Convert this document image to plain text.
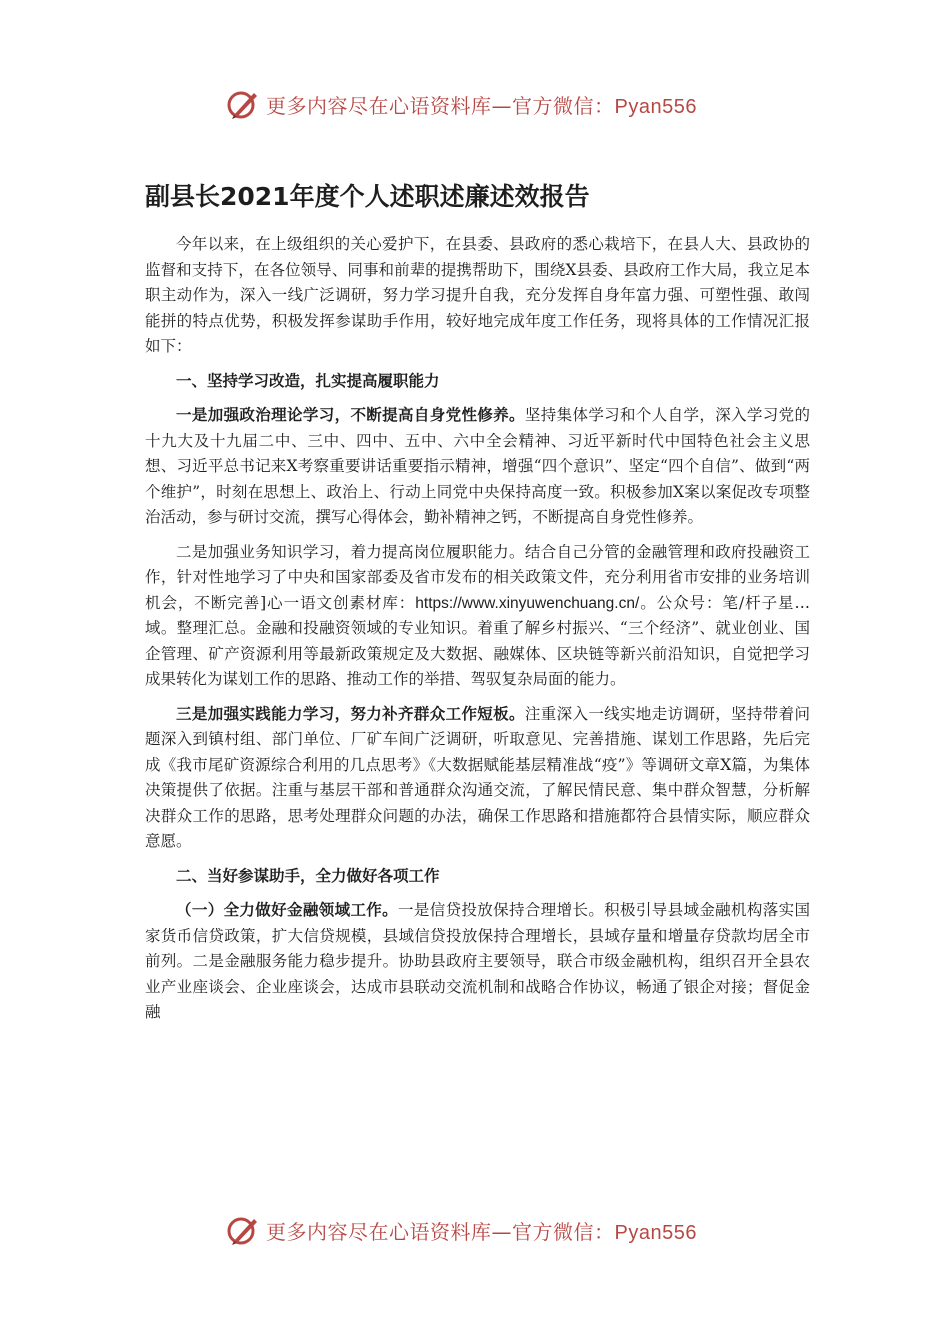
更多内容尽在心语资料库—官方微信：Pyan556
副县长2021年度个人述职述廉述效报告

今年以来，在上级组织的关心爱护下，在县委、县政府的悉心栽培下，在县人大、县政协的监督和支持下，在各位领导、同事和前辈的提携帮助下，围绕X县委、县政府工作大局，我立足本职主动作为，深入一线广泛调研，努力学习提升自我，充分发挥自身年富力强、可塑性强、敢闯能拼的特点优势，积极发挥参谋助手作用，较好地完成年度工作任务，现将具体的工作情况汇报如下：

一、坚持学习改造，扎实提高履职能力

一是加强政治理论学习，不断提高自身党性修养。坚持集体学习和个人自学，深入学习党的十九大及十九届二中、三中、四中、五中、六中全会精神、习近平新时代中国特色社会主义思想、习近平总书记来X考察重要讲话重要指示精神，增强“四个意识”、坚定“四个自信”、做到“两个维护”，时刻在思想上、政治上、行动上同党中央保持高度一致。积极参加X案以案促改专项整治活动，参与研讨交流，撰写心得体会，勤补精神之钙，不断提高自身党性修养。

二是加强业务知识学习，着力提高岗位履职能力。结合自己分管的金融管理和政府投融资工作，针对性地学习了中央和国家部委及省市发布的相关政策文件，充分利用省市安排的业务培训机会，不断完善]心一语文创素材库：https://www.xinyuwenchuang.cn/。公众号：笔/杆子星…域。整理汇总。金融和投融资领域的专业知识。着重了解乡村振兴、“三个经济”、就业创业、国企管理、矿产资源利用等最新政策规定及大数据、融媒体、区块链等新兴前沿知识，自觉把学习成果转化为谋划工作的思路、推动工作的举措、驾驭复杂局面的能力。

三是加强实践能力学习，努力补齐群众工作短板。注重深入一线实地走访调研，坚持带着问题深入到镇村组、部门单位、厂矿车间广泛调研，听取意见、完善措施、谋划工作思路，先后完成《我市尾矿资源综合利用的几点思考》《大数据赋能基层精准战“疫”》等调研文章X篇，为集体决策提供了依据。注重与基层干部和普通群众沟通交流，了解民情民意、集中群众智慧，分析解决群众工作的思路，思考处理群众问题的办法，确保工作思路和措施都符合县情实际，顺应群众意愿。

二、当好参谋助手，全力做好各项工作

（一）全力做好金融领域工作。一是信贷投放保持合理增长。积极引导县域金融机构落实国家货币信贷政策，扩大信贷规模，县域信贷投放保持合理增长，县域存量和增量存贷款均居全市前列。二是金融服务能力稳步提升。协助县政府主要领导，联合市级金融机构，组织召开全县农业产业座谈会、企业座谈会，达成市县联动交流机制和战略合作协议，畅通了银企对接；督促金融

更多内容尽在心语资料库—官方微信：Pyan556
